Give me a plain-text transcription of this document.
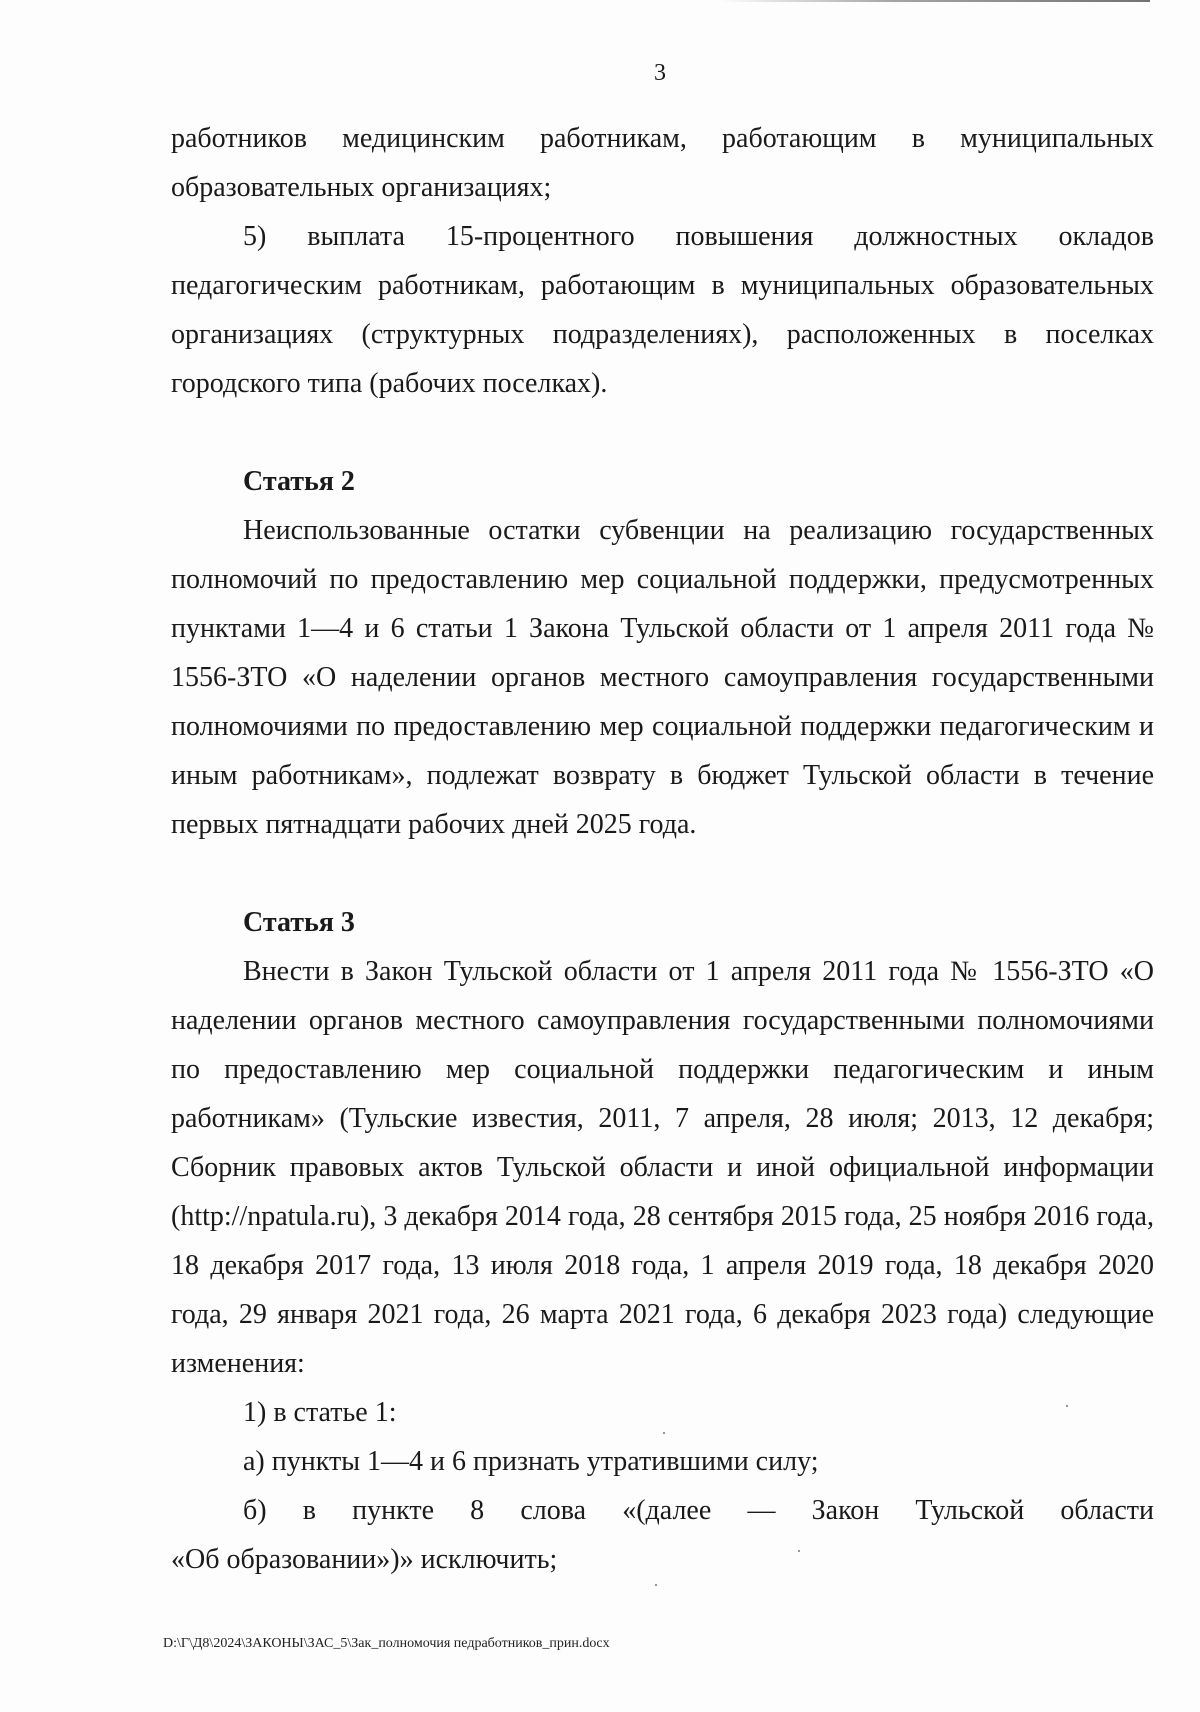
3

работников медицинским работникам, работающим в муниципальных образовательных организациях;

5) выплата 15-процентного повышения должностных окладов педагогическим работникам, работающим в муниципальных образовательных организациях (структурных подразделениях), расположенных в поселках городского типа (рабочих поселках).

Статья 2

Неиспользованные остатки субвенции на реализацию государственных полномочий по предоставлению мер социальной поддержки, предусмотренных пунктами 1—4 и 6 статьи 1 Закона Тульской области от 1 апреля 2011 года № 1556-ЗТО «О наделении органов местного самоуправления государственными полномочиями по предоставлению мер социальной поддержки педагогическим и иным работникам», подлежат возврату в бюджет Тульской области в течение первых пятнадцати рабочих дней 2025 года.

Статья 3

Внести в Закон Тульской области от 1 апреля 2011 года № 1556-ЗТО «О наделении органов местного самоуправления государственными полномочиями по предоставлению мер социальной поддержки педагогическим и иным работникам» (Тульские известия, 2011, 7 апреля, 28 июля; 2013, 12 декабря; Сборник правовых актов Тульской области и иной официальной информации (http://npatula.ru), 3 декабря 2014 года, 28 сентября 2015 года, 25 ноября 2016 года, 18 декабря 2017 года, 13 июля 2018 года, 1 апреля 2019 года, 18 декабря 2020 года, 29 января 2021 года, 26 марта 2021 года, 6 декабря 2023 года) следующие изменения:

1) в статье 1:

а) пункты 1—4 и 6 признать утратившими силу;

б) в пункте 8 слова «(далее — Закон Тульской области

«Об образовании»)» исключить;

D:\Г\Д8\2024\ЗАКОНЫ\ЗАС_5\Зак_полномочия педработников_прин.docx
